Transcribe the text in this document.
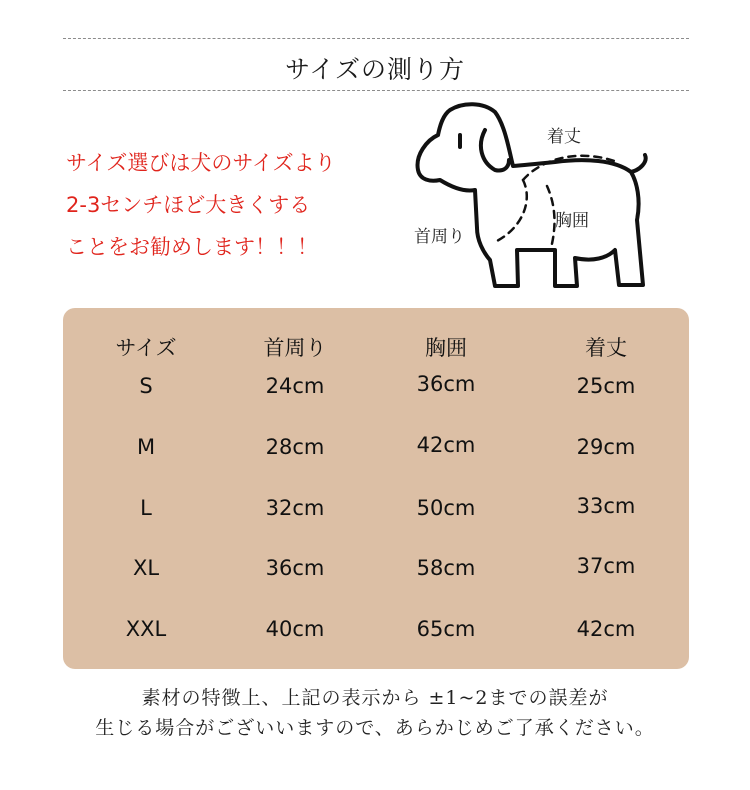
サイズの測り方
サイズ選びは犬のサイズより
2-3センチほど大きくする
ことをお勧めします！！！
着丈
胸囲
首周り
サイズ	首周り	胸囲	着丈
S	24cm	36cm	25cm
M	28cm	42cm	29cm
L	32cm	50cm	33cm
XL	36cm	58cm	37cm
XXL	40cm	65cm	42cm
素材の特徴上、上記の表示から ±1~2までの誤差が
生じる場合がございいますので、あらかじめご了承ください。
